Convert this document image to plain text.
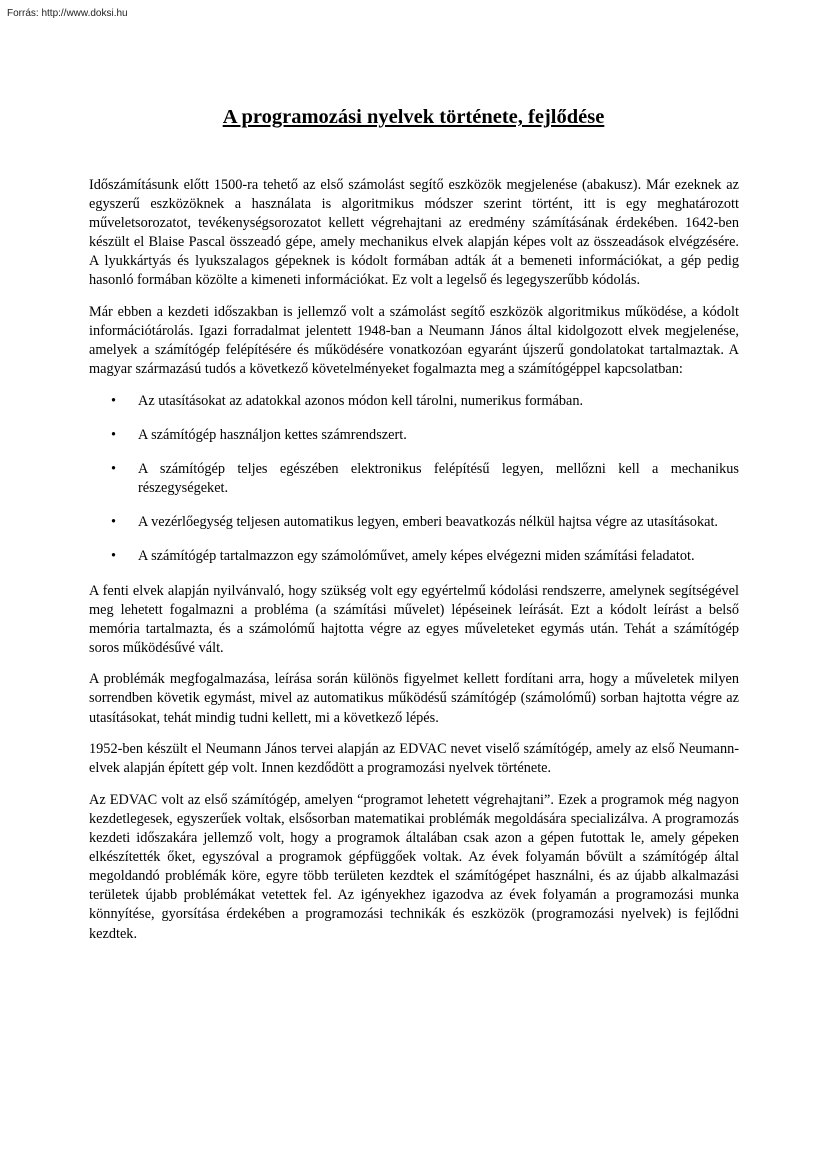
Forrás: http://www.doksi.hu
A programozási nyelvek története, fejlődése

Időszámításunk előtt 1500-ra tehető az első számolást segítő eszközök megjelenése (abakusz). Már ezeknek az egyszerű eszközöknek a használata is algoritmikus módszer szerint történt, itt is egy meghatározott műveletsorozatot, tevékenységsorozatot kellett végrehajtani az eredmény számításának érdekében. 1642-ben készült el Blaise Pascal összeadó gépe, amely mechanikus elvek alapján képes volt az összeadások elvégzésére. A lyukkártyás és lyukszalagos gépeknek is kódolt formában adták át a bemeneti információkat, a gép pedig hasonló formában közölte a kimeneti információkat. Ez volt a legelső és legegyszerűbb kódolás.

Már ebben a kezdeti időszakban is jellemző volt a számolást segítő eszközök algoritmikus működése, a kódolt információtárolás. Igazi forradalmat jelentett 1948-ban a Neumann János által kidolgozott elvek megjelenése, amelyek a számítógép felépítésére és működésére vonatkozóan egyaránt újszerű gondolatokat tartalmaztak. A magyar származású tudós a következő követelményeket fogalmazta meg a számítógéppel kapcsolatban:

• Az utasításokat az adatokkal azonos módon kell tárolni, numerikus formában.
• A számítógép használjon kettes számrendszert.
• A számítógép teljes egészében elektronikus felépítésű legyen, mellőzni kell a mechanikus részegységeket.
• A vezérlőegység teljesen automatikus legyen, emberi beavatkozás nélkül hajtsa végre az utasításokat.
• A számítógép tartalmazzon egy számolóművet, amely képes elvégezni miden számítási feladatot.

A fenti elvek alapján nyilvánvaló, hogy szükség volt egy egyértelmű kódolási rendszerre, amelynek segítségével meg lehetett fogalmazni a probléma (a számítási művelet) lépéseinek leírását. Ezt a kódolt leírást a belső memória tartalmazta, és a számolómű hajtotta végre az egyes műveleteket egymás után. Tehát a számítógép soros működésűvé vált.

A problémák megfogalmazása, leírása során különös figyelmet kellett fordítani arra, hogy a műveletek milyen sorrendben követik egymást, mivel az automatikus működésű számítógép (számolómű) sorban hajtotta végre az utasításokat, tehát mindig tudni kellett, mi a következő lépés.

1952-ben készült el Neumann János tervei alapján az EDVAC nevet viselő számítógép, amely az első Neumann-elvek alapján épített gép volt. Innen kezdődött a programozási nyelvek története.

Az EDVAC volt az első számítógép, amelyen “programot lehetett végrehajtani”. Ezek a programok még nagyon kezdetlegesek, egyszerűek voltak, elsősorban matematikai problémák megoldására specializálva. A programozás kezdeti időszakára jellemző volt, hogy a programok általában csak azon a gépen futottak le, amely gépeken elkészítették őket, egyszóval a programok gépfüggőek voltak. Az évek folyamán bővült a számítógép által megoldandó problémák köre, egyre több területen kezdtek el számítógépet használni, és az újabb alkalmazási területek újabb problémákat vetettek fel. Az igényekhez igazodva az évek folyamán a programozási munka könnyítése, gyorsítása érdekében a programozási technikák és eszközök (programozási nyelvek) is fejlődni kezdtek.
